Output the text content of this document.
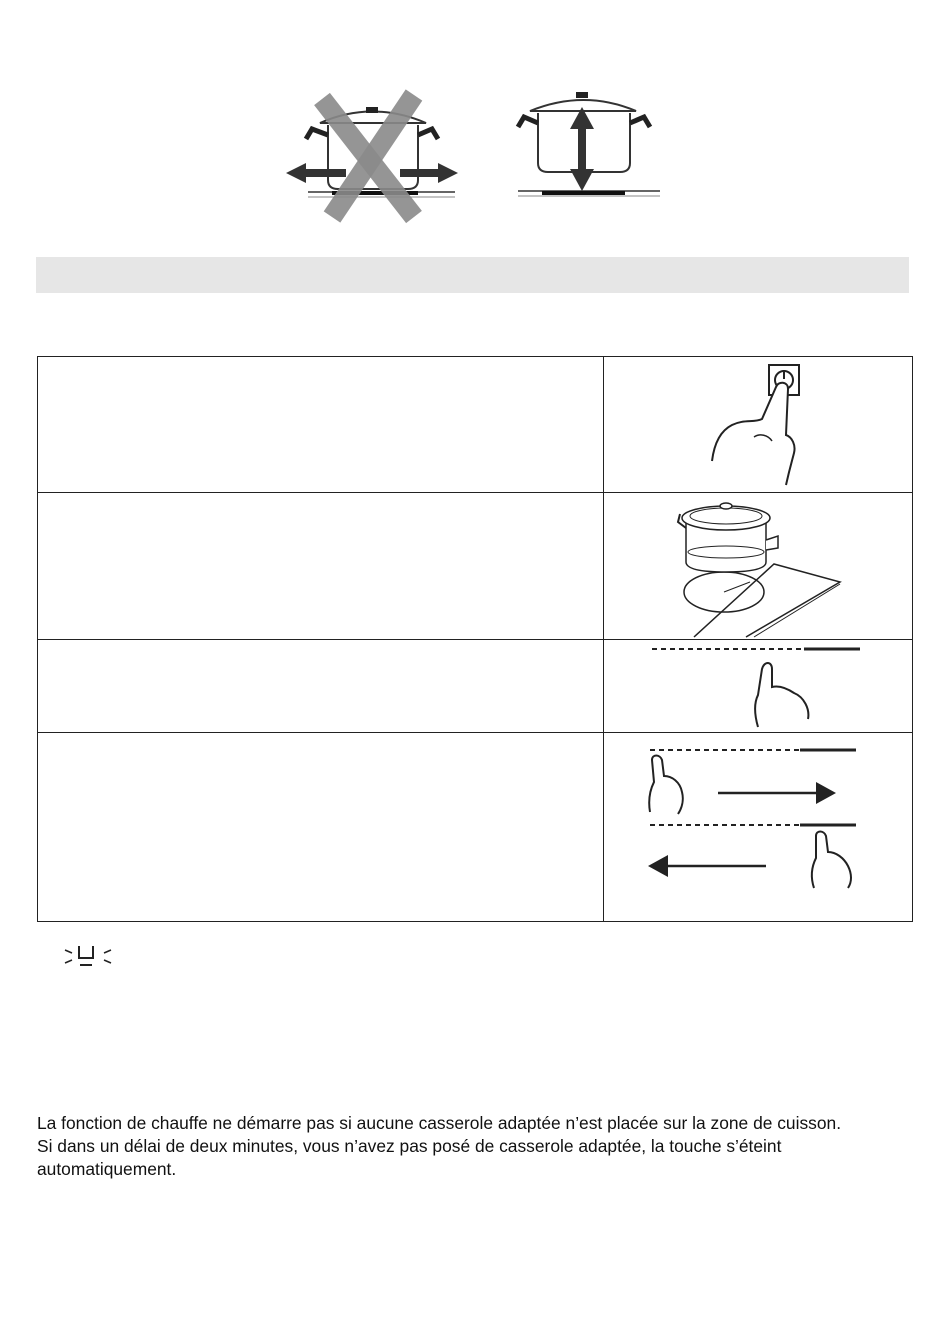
La fonction de chauffe ne démarre pas si aucune casserole adaptée n’est placée sur la zone de cuisson.

Si dans un délai de deux minutes, vous n’avez pas posé de casserole adaptée, la touche s’éteint automatiquement.
